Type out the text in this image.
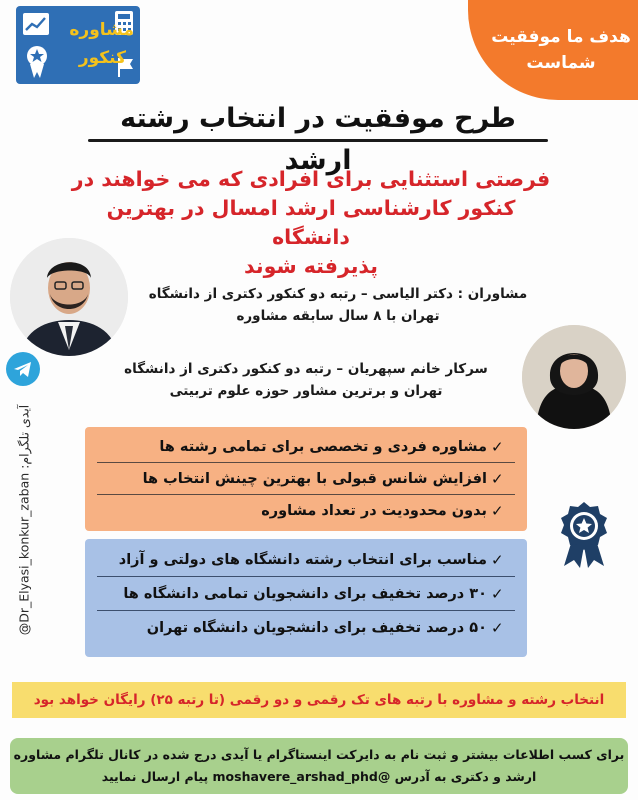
هدف ما موفقیت
شماست
مشاوره
کنکور
طرح موفقیت در انتخاب رشته ارشد
فرصتی استثنایی برای افرادی که می خواهند در
کنکور کارشناسی ارشد امسال در بهترین دانشگاه
پذیرفته شوند
مشاوران : دکتر الیاسی – رتبه دو کنکور دکتری از دانشگاه
تهران با ۸ سال سابقه مشاوره
سرکار خانم سپهریان – رتبه دو کنکور دکتری از دانشگاه
تهران و برترین مشاور حوزه علوم تربیتی
@Dr_Elyasi_konkur_zaban آیدی تلگرام:	مشاوره فردی و تخصصی برای تمامی رشته ها ✓
افزایش شانس قبولی با بهترین چینش انتخاب ها ✓
بدون محدودیت در تعداد مشاوره ✓
مناسب برای انتخاب رشته دانشگاه های دولتی و آزاد ✓
۳۰ درصد تخفیف برای دانشجویان تمامی دانشگاه ها ✓
۵۰ درصد تخفیف برای دانشجویان دانشگاه تهران ✓
انتخاب رشته و مشاوره با رتبه های تک رقمی و دو رقمی (تا رتبه ۲۵) رایگان خواهد بود
برای کسب اطلاعات بیشتر و ثبت نام به دایرکت اینستاگرام یا آیدی درج شده در کانال تلگرام مشاوره
ارشد و دکتری به آدرس @moshavere_arshad_phd پیام ارسال نمایید
